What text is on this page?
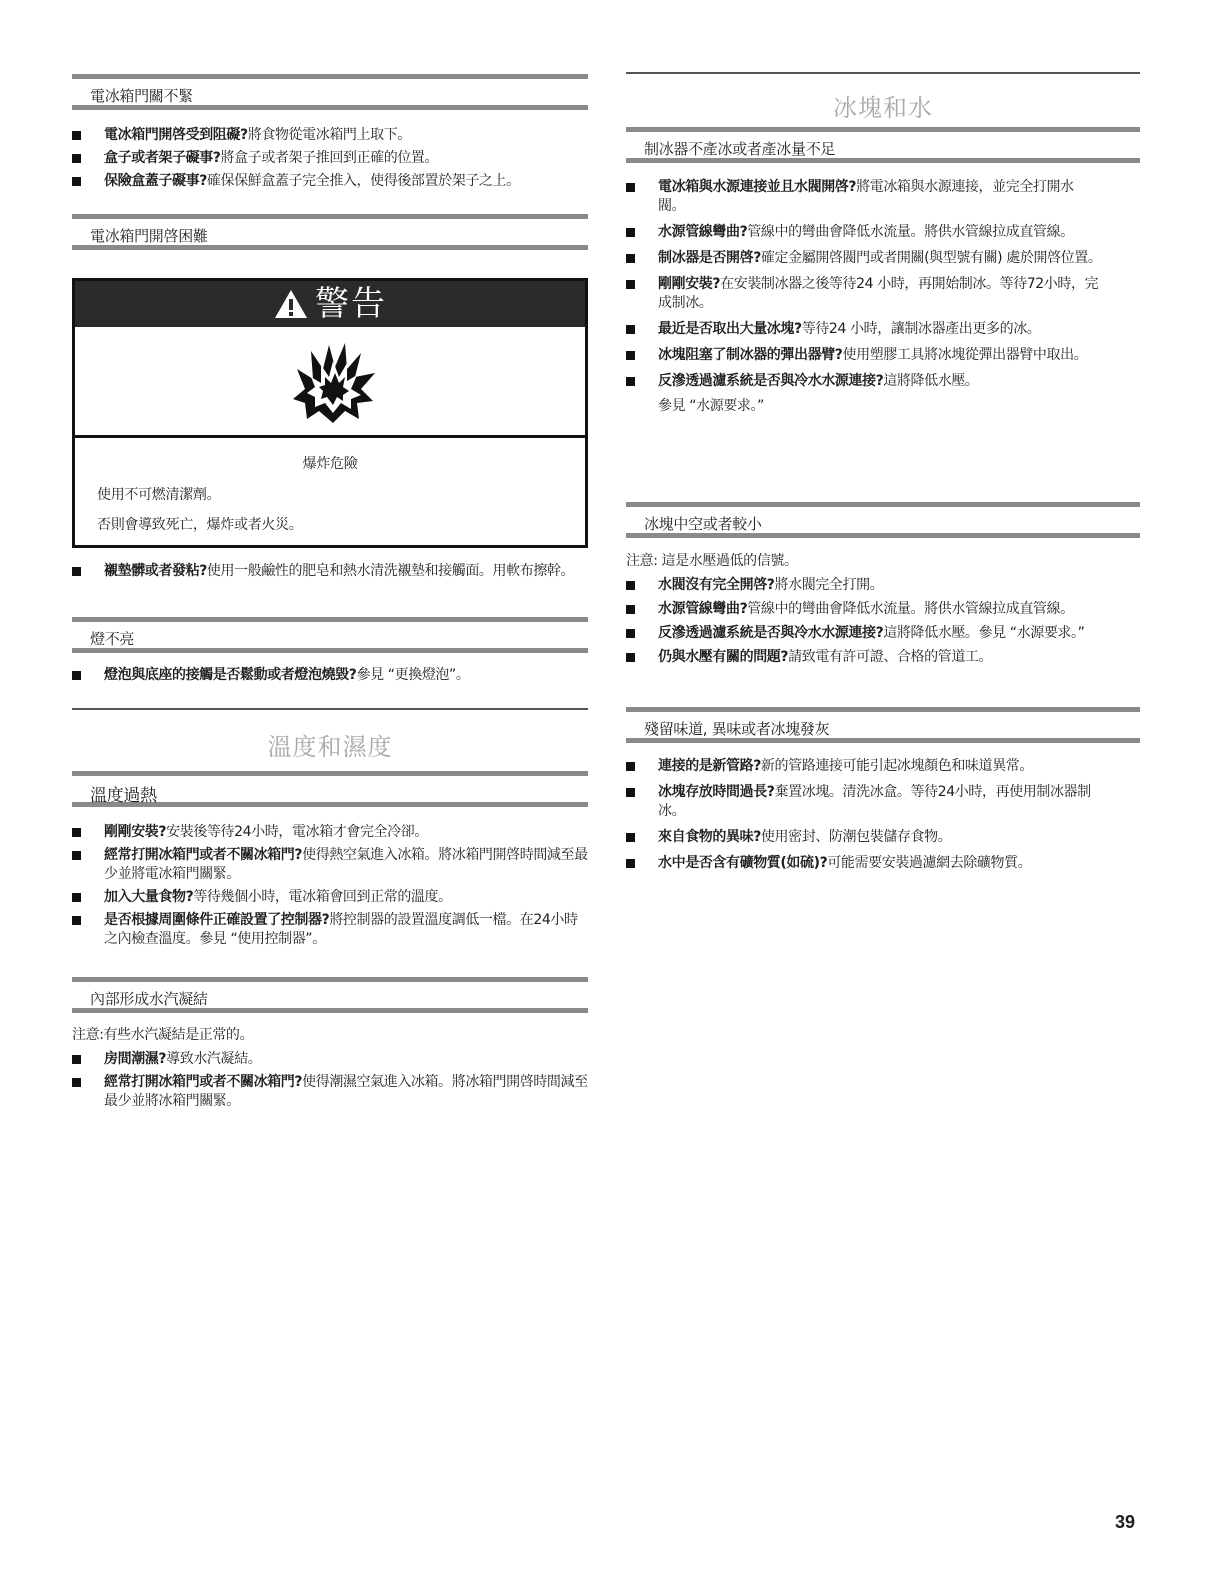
電冰箱門關不緊
電冰箱門開啓受到阻礙?將食物從電冰箱門上取下。
盒子或者架子礙事?將盒子或者架子推回到正確的位置。
保險盒蓋子礙事?確保保鮮盒蓋子完全推入，使得後部置於架子之上。
電冰箱門開啓困難
警告
爆炸危險
使用不可燃清潔劑。
否則會導致死亡，爆炸或者火災。
襯墊髒或者發粘?使用一般鹼性的肥皂和熱水清洗襯墊和接觸面。用軟布擦幹。
燈不亮
燈泡與底座的接觸是否鬆動或者燈泡燒毀?參見 “更換燈泡”。
溫度和濕度
溫度過熱
剛剛安裝?安裝後等待24小時，電冰箱才會完全冷卻。
經常打開冰箱門或者不關冰箱門?使得熱空氣進入冰箱。將冰箱門開啓時間減至最少並將電冰箱門關緊。
加入大量食物?等待幾個小時，電冰箱會回到正常的溫度。
是否根據周圍條件正確設置了控制器?將控制器的設置溫度調低一檔。在24小時之內檢查溫度。參見 “使用控制器”。
內部形成水汽凝結
注意:有些水汽凝結是正常的。
房間潮濕?導致水汽凝結。
經常打開冰箱門或者不關冰箱門?使得潮濕空氣進入冰箱。將冰箱門開啓時間減至最少並將冰箱門關緊。
冰塊和水
制冰器不產冰或者產冰量不足
電冰箱與水源連接並且水閥開啓?將電冰箱與水源連接，並完全打開水閥。
水源管線彎曲?管線中的彎曲會降低水流量。將供水管線拉成直管線。
制冰器是否開啓?確定金屬開啓閥門或者開關(與型號有關) 處於開啓位置。
剛剛安裝?在安裝制冰器之後等待24 小時，再開始制冰。等待72小時，完成制冰。
最近是否取出大量冰塊?等待24 小時，讓制冰器產出更多的冰。
冰塊阻塞了制冰器的彈出器臂?使用塑膠工具將冰塊從彈出器臂中取出。
反滲透過濾系統是否與冷水水源連接?這將降低水壓。
參見 “水源要求。”
冰塊中空或者較小
注意: 這是水壓過低的信號。
水閥沒有完全開啓?將水閥完全打開。
水源管線彎曲?管線中的彎曲會降低水流量。將供水管線拉成直管線。
反滲透過濾系統是否與冷水水源連接?這將降低水壓。參見 “水源要求。”
仍與水壓有關的問題?請致電有許可證、合格的管道工。
殘留味道, 異味或者冰塊發灰
連接的是新管路?新的管路連接可能引起冰塊顏色和味道異常。
冰塊存放時間過長?棄置冰塊。清洗冰盒。等待24小時，再使用制冰器制冰。
來自食物的異味?使用密封、防潮包裝儲存食物。
水中是否含有礦物質(如硫)?可能需要安裝過濾網去除礦物質。
39
